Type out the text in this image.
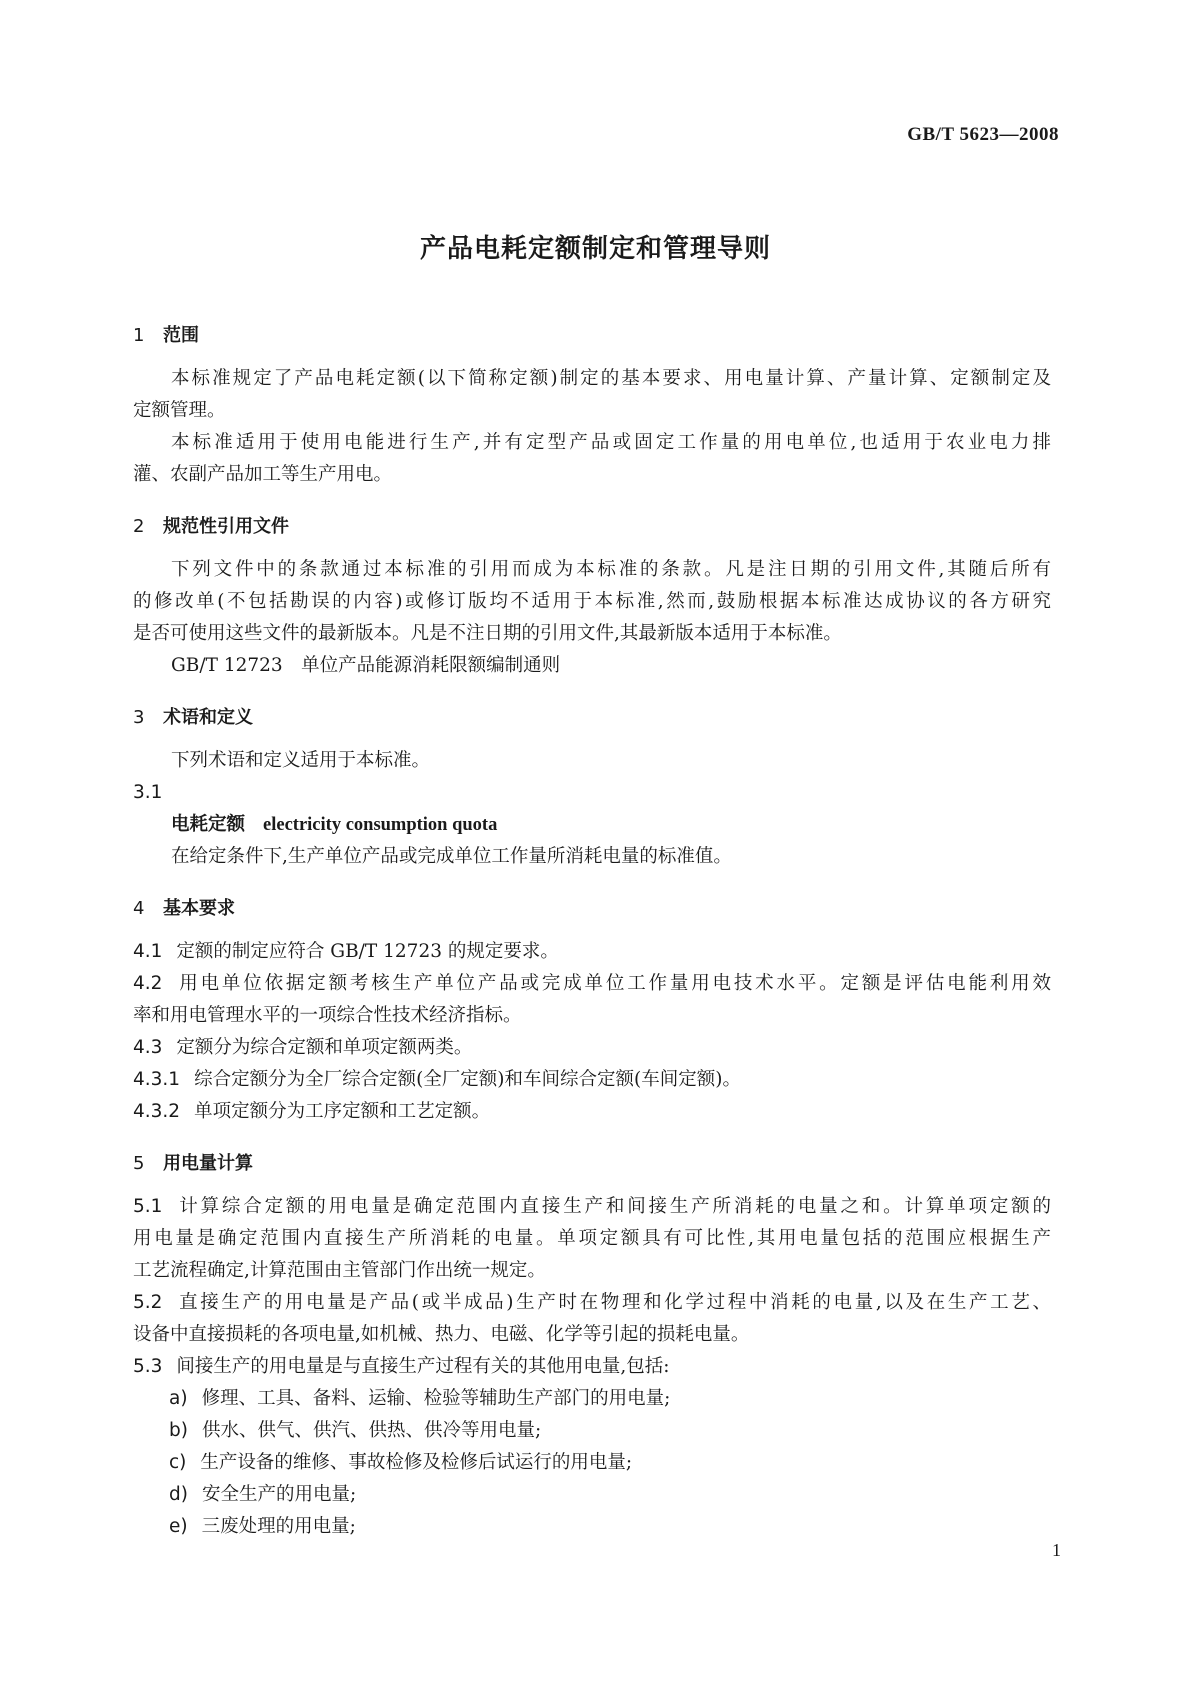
GB/T 5623—2008
产品电耗定额制定和管理导则
1 范围
本标准规定了产品电耗定额(以下简称定额)制定的基本要求、用电量计算、产量计算、定额制定及
定额管理。
本标准适用于使用电能进行生产,并有定型产品或固定工作量的用电单位,也适用于农业电力排
灌、农副产品加工等生产用电。
2 规范性引用文件
下列文件中的条款通过本标准的引用而成为本标准的条款。凡是注日期的引用文件,其随后所有
的修改单(不包括勘误的内容)或修订版均不适用于本标准,然而,鼓励根据本标准达成协议的各方研究
是否可使用这些文件的最新版本。凡是不注日期的引用文件,其最新版本适用于本标准。
GB/T 12723　单位产品能源消耗限额编制通则
3 术语和定义
下列术语和定义适用于本标准。
3.1
电耗定额 electricity consumption quota
在给定条件下,生产单位产品或完成单位工作量所消耗电量的标准值。
4 基本要求
4.1 定额的制定应符合 GB/T 12723 的规定要求。
4.2 用电单位依据定额考核生产单位产品或完成单位工作量用电技术水平。定额是评估电能利用效
率和用电管理水平的一项综合性技术经济指标。
4.3 定额分为综合定额和单项定额两类。
4.3.1 综合定额分为全厂综合定额(全厂定额)和车间综合定额(车间定额)。
4.3.2 单项定额分为工序定额和工艺定额。
5 用电量计算
5.1 计算综合定额的用电量是确定范围内直接生产和间接生产所消耗的电量之和。计算单项定额的
用电量是确定范围内直接生产所消耗的电量。单项定额具有可比性,其用电量包括的范围应根据生产
工艺流程确定,计算范围由主管部门作出统一规定。
5.2 直接生产的用电量是产品(或半成品)生产时在物理和化学过程中消耗的电量,以及在生产工艺、
设备中直接损耗的各项电量,如机械、热力、电磁、化学等引起的损耗电量。
5.3 间接生产的用电量是与直接生产过程有关的其他用电量,包括:
a) 修理、工具、备料、运输、检验等辅助生产部门的用电量;
b) 供水、供气、供汽、供热、供冷等用电量;
c) 生产设备的维修、事故检修及检修后试运行的用电量;
d) 安全生产的用电量;
e) 三废处理的用电量;
1
